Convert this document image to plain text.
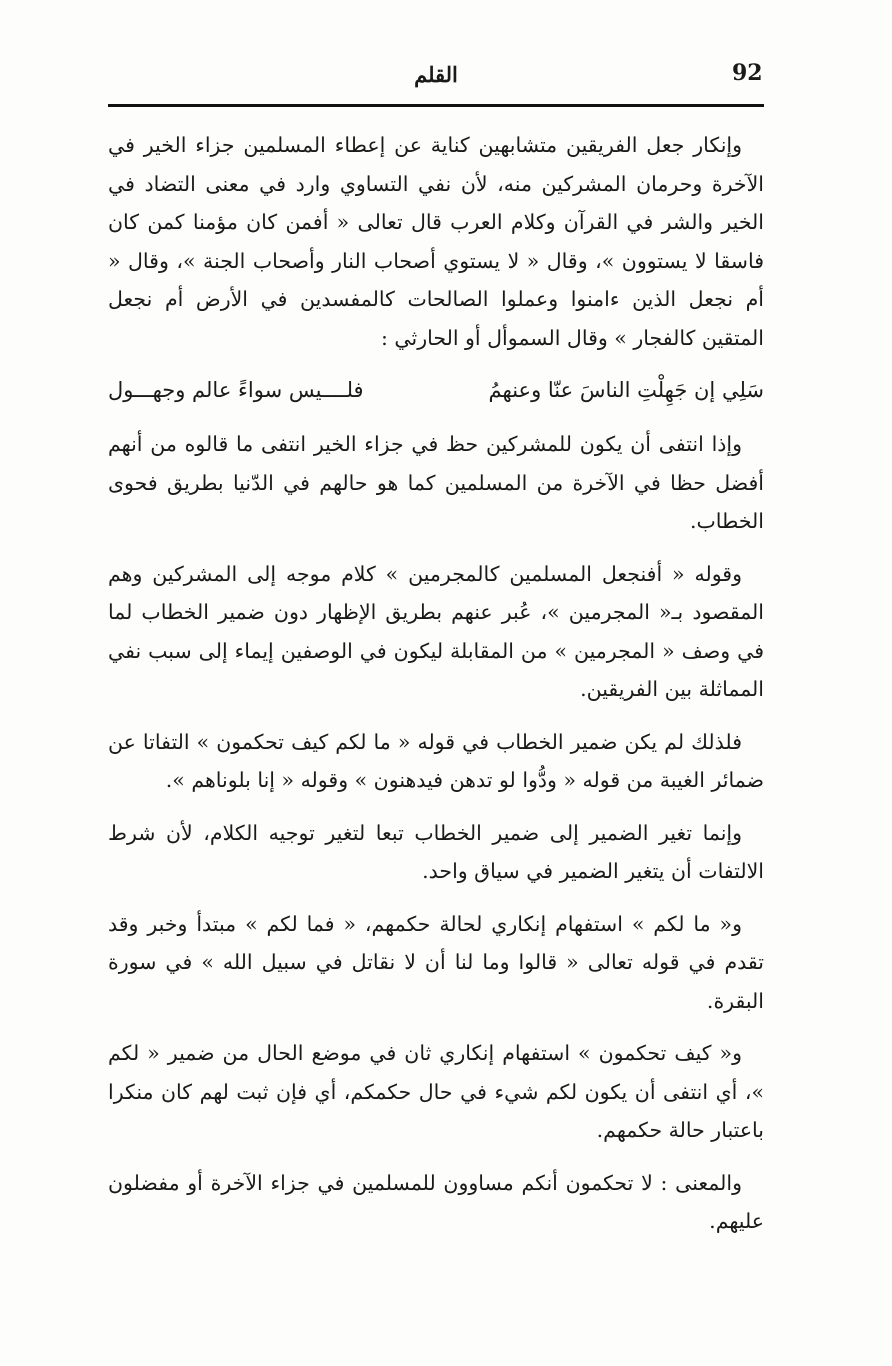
92
القلم

وإنكار جعل الفريقين متشابهين كناية عن إعطاء المسلمين جزاء الخير في الآخرة وحرمان المشركين منه، لأن نفي التساوي وارد في معنى التضاد في الخير والشر في القرآن وكلام العرب قال تعالى « أفمن كان مؤمنا كمن كان فاسقا لا يستوون »، وقال « لا يستوي أصحاب النار وأصحاب الجنة »، وقال « أم نجعل الذين ءامنوا وعملوا الصالحات كالمفسدين في الأرض أم نجعل المتقين كالفجار » وقال السموأل أو الحارثي :

سَلِي إن جَهِلْتِ الناسَ عنّا وعنهمُ
فلــــيس سواءً عالم وجهـــول

وإذا انتفى أن يكون للمشركين حظ في جزاء الخير انتفى ما قالوه من أنهم أفضل حظا في الآخرة من المسلمين كما هو حالهم في الدّنيا بطريق فحوى الخطاب.

وقوله « أفنجعل المسلمين كالمجرمين » كلام موجه إلى المشركين وهم المقصود بـ« المجرمين »، عُبر عنهم بطريق الإظهار دون ضمير الخطاب لما في وصف « المجرمين » من المقابلة ليكون في الوصفين إيماء إلى سبب نفي المماثلة بين الفريقين.

فلذلك لم يكن ضمير الخطاب في قوله « ما لكم كيف تحكمون » التفاتا عن ضمائر الغيبة من قوله « ودُّوا لو تدهن فيدهنون » وقوله « إنا بلوناهم ».

وإنما تغير الضمير إلى ضمير الخطاب تبعا لتغير توجيه الكلام، لأن شرط الالتفات أن يتغير الضمير في سياق واحد.

و« ما لكم » استفهام إنكاري لحالة حكمهم، « فما لكم » مبتدأ وخبر وقد تقدم في قوله تعالى « قالوا وما لنا أن لا نقاتل في سبيل الله » في سورة البقرة.

و« كيف تحكمون » استفهام إنكاري ثان في موضع الحال من ضمير « لكم »، أي انتفى أن يكون لكم شيء في حال حكمكم، أي فإن ثبت لهم كان منكرا باعتبار حالة حكمهم.

والمعنى : لا تحكمون أنكم مساوون للمسلمين في جزاء الآخرة أو مفضلون عليهم.
